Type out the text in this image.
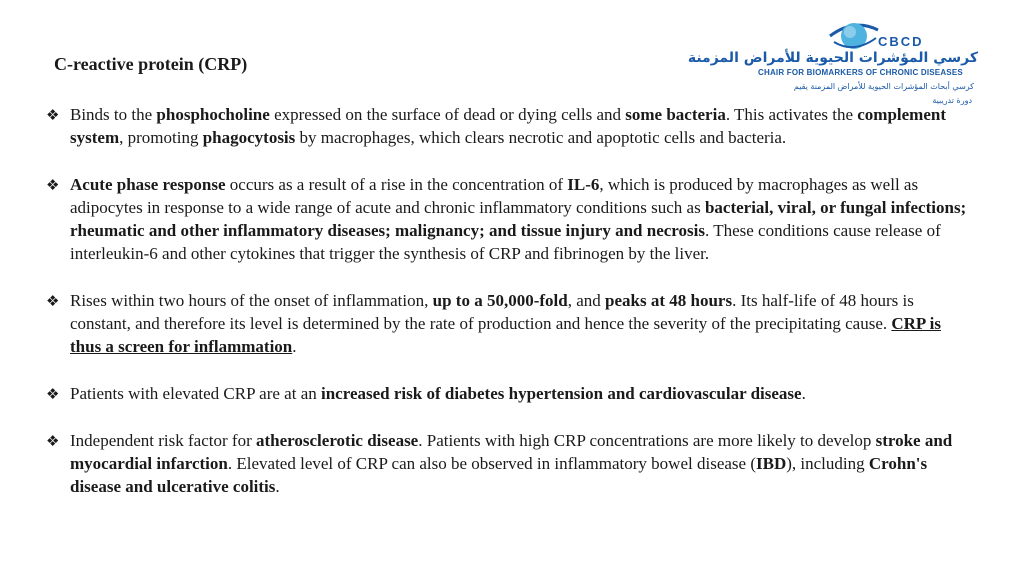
C-reactive protein (CRP)
CBCD
كرسي المؤشرات الحيوية للأمراض المزمنة
CHAIR FOR BIOMARKERS OF CHRONIC DISEASES
كرسي أبحاث المؤشرات الحيوية للأمراض المزمنة يقيم
دورة تدريبية
❖ Binds to the phosphocholine expressed on the surface of dead or dying cells and some bacteria. This activates the complement system, promoting phagocytosis by macrophages, which clears necrotic and apoptotic cells and bacteria.
❖ Acute phase response occurs as a result of a rise in the concentration of IL-6, which is produced by macrophages as well as adipocytes in response to a wide range of acute and chronic inflammatory conditions such as bacterial, viral, or fungal infections; rheumatic and other inflammatory diseases; malignancy; and tissue injury and necrosis. These conditions cause release of interleukin-6 and other cytokines that trigger the synthesis of CRP and fibrinogen by the liver.
❖ Rises within two hours of the onset of inflammation, up to a 50,000-fold, and peaks at 48 hours. Its half-life of 48 hours is constant, and therefore its level is determined by the rate of production and hence the severity of the precipitating cause. CRP is thus a screen for inflammation.
❖ Patients with elevated CRP are at an increased risk of diabetes hypertension and cardiovascular disease.
❖ Independent risk factor for atherosclerotic disease. Patients with high CRP concentrations are more likely to develop stroke and myocardial infarction. Elevated level of CRP can also be observed in inflammatory bowel disease (IBD), including Crohn's disease and ulcerative colitis.
